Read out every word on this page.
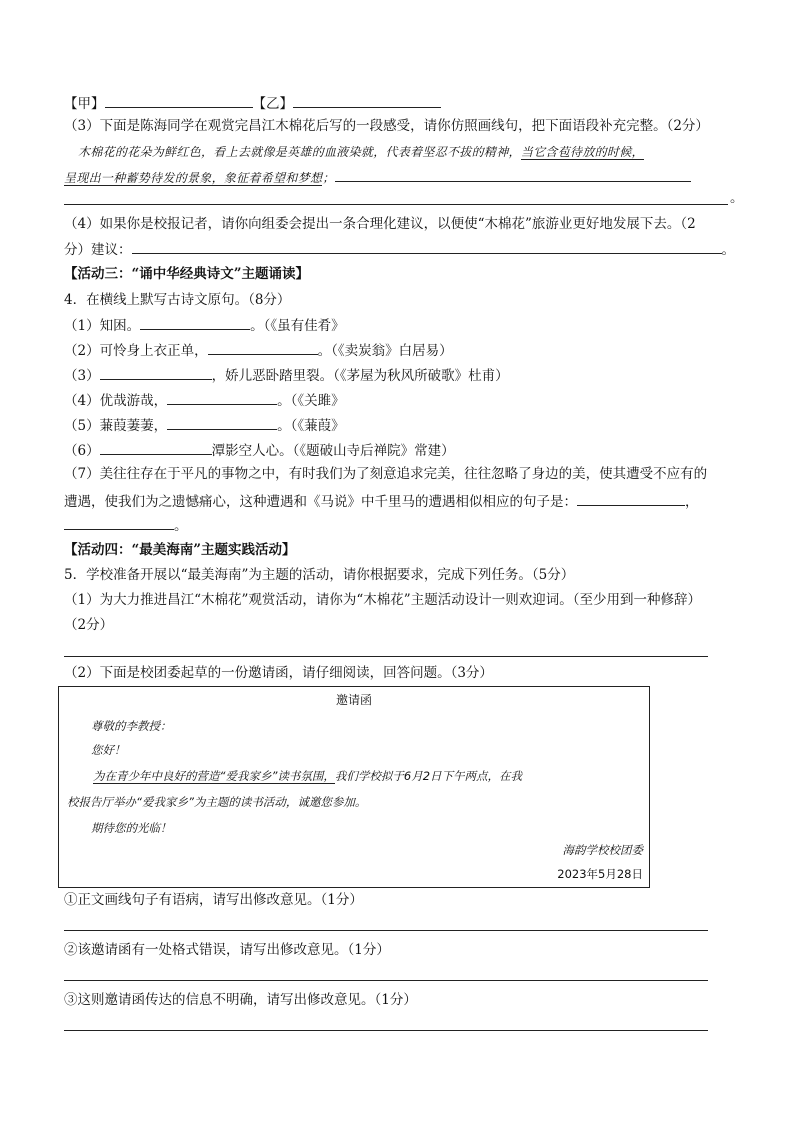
【甲】	【乙】
（3）下面是陈海同学在观赏完昌江木棉花后写的一段感受，请你仿照画线句，把下面语段补充完整。（2分）
木棉花的花朵为鲜红色，看上去就像是英雄的血液染就，代表着坚忍不拔的精神，当它含苞待放的时候，
呈现出一种蓄势待发的景象，象征着希望和梦想；
。
（4）如果你是校报记者，请你向组委会提出一条合理化建议，以便使“木棉花”旅游业更好地发展下去。（2
分）建议：	。
【活动三：“诵中华经典诗文”主题诵读】
4．在横线上默写古诗文原句。（8分）
（1）知困。	。（《虽有佳肴》
（2）可怜身上衣正单，	。（《卖炭翁》白居易）
（3）	，娇儿恶卧踏里裂。（《茅屋为秋风所破歌》杜甫）
（4）优哉游哉，	。（《关雎》
（5）蒹葭萋萋，	。（《蒹葭》
（6）	潭影空人心。（《题破山寺后禅院》常建）
（7）美往往存在于平凡的事物之中，有时我们为了刻意追求完美，往往忽略了身边的美，使其遭受不应有的
遭遇，使我们为之遗憾痛心，这种遭遇和《马说》中千里马的遭遇相似相应的句子是：	，
。
【活动四：“最美海南”主题实践活动】
5．学校准备开展以“最美海南”为主题的活动，请你根据要求，完成下列任务。（5分）
（1）为大力推进昌江“木棉花”观赏活动，请你为“木棉花”主题活动设计一则欢迎词。（至少用到一种修辞）
（2分）
（2）下面是校团委起草的一份邀请函，请仔细阅读，回答问题。（3分）
邀请函
尊敬的李教授：
您好！
为在青少年中良好的营造“爱我家乡”读书氛围，我们学校拟于6月2日下午两点，在我
校报告厅举办“爱我家乡”为主题的读书活动，诚邀您参加。
期待您的光临！
海韵学校校团委
2023年5月28日
①正文画线句子有语病，请写出修改意见。（1分）
②该邀请函有一处格式错误，请写出修改意见。（1分）
③这则邀请函传达的信息不明确，请写出修改意见。（1分）
